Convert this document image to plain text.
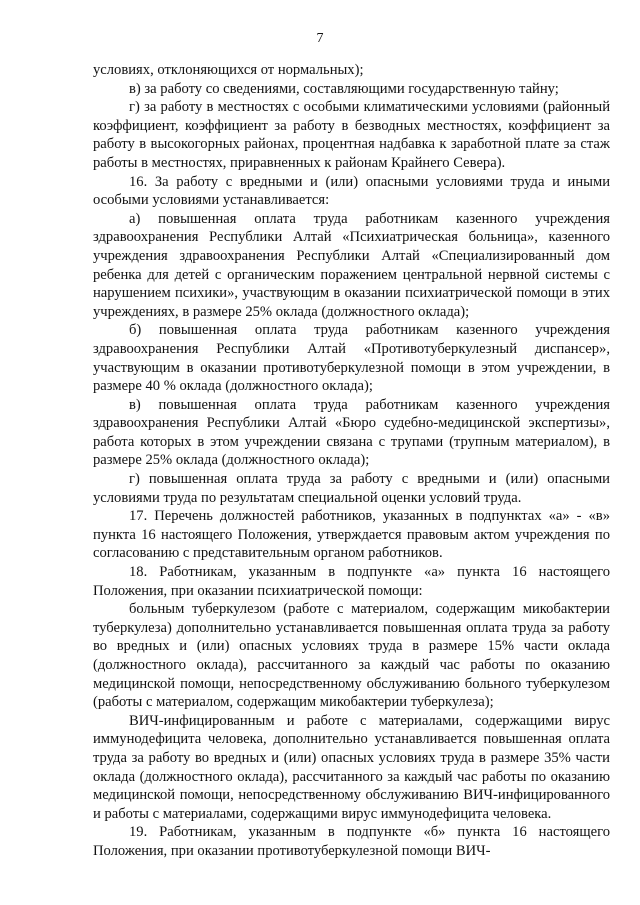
7

условиях, отклоняющихся от нормальных);

в) за работу со сведениями, составляющими государственную тайну;

г) за работу в местностях с особыми климатическими условиями (районный коэффициент, коэффициент за работу в безводных местностях, коэффициент за работу в высокогорных районах, процентная надбавка к заработной плате за стаж работы в местностях, приравненных к районам Крайнего Севера).

16. За работу с вредными и (или) опасными условиями труда и иными особыми условиями устанавливается:

а) повышенная оплата труда работникам казенного учреждения здравоохранения Республики Алтай «Психиатрическая больница», казенного учреждения здравоохранения Республики Алтай «Специализированный дом ребенка для детей с органическим поражением центральной нервной системы с нарушением психики», участвующим в оказании психиатрической помощи в этих учреждениях, в размере 25% оклада (должностного оклада);

б) повышенная оплата труда работникам казенного учреждения здравоохранения Республики Алтай «Противотуберкулезный диспансер», участвующим в оказании противотуберкулезной помощи в этом учреждении, в размере 40 % оклада (должностного оклада);

в) повышенная оплата труда работникам казенного учреждения здравоохранения Республики Алтай «Бюро судебно-медицинской экспертизы», работа которых в этом учреждении связана с трупами (трупным материалом), в размере 25% оклада (должностного оклада);

г) повышенная оплата труда за работу с вредными и (или) опасными условиями труда по результатам специальной оценки условий труда.

17. Перечень должностей работников, указанных в подпунктах «а» - «в» пункта 16 настоящего Положения, утверждается правовым актом учреждения по согласованию с представительным органом работников.

18. Работникам, указанным в подпункте «а» пункта 16 настоящего Положения, при оказании психиатрической помощи:

больным туберкулезом (работе с материалом, содержащим микобактерии туберкулеза) дополнительно устанавливается повышенная оплата труда за работу во вредных и (или) опасных условиях труда в размере 15% части оклада (должностного оклада), рассчитанного за каждый час работы по оказанию медицинской помощи, непосредственному обслуживанию больного туберкулезом (работы с материалом, содержащим микобактерии туберкулеза);

ВИЧ-инфицированным и работе с материалами, содержащими вирус иммунодефицита человека, дополнительно устанавливается повышенная оплата труда за работу во вредных и (или) опасных условиях труда в размере 35% части оклада (должностного оклада), рассчитанного за каждый час работы по оказанию медицинской помощи, непосредственному обслуживанию ВИЧ-инфицированного и работы с материалами, содержащими вирус иммунодефицита человека.

19. Работникам, указанным в подпункте «б» пункта 16 настоящего Положения, при оказании противотуберкулезной помощи ВИЧ-
